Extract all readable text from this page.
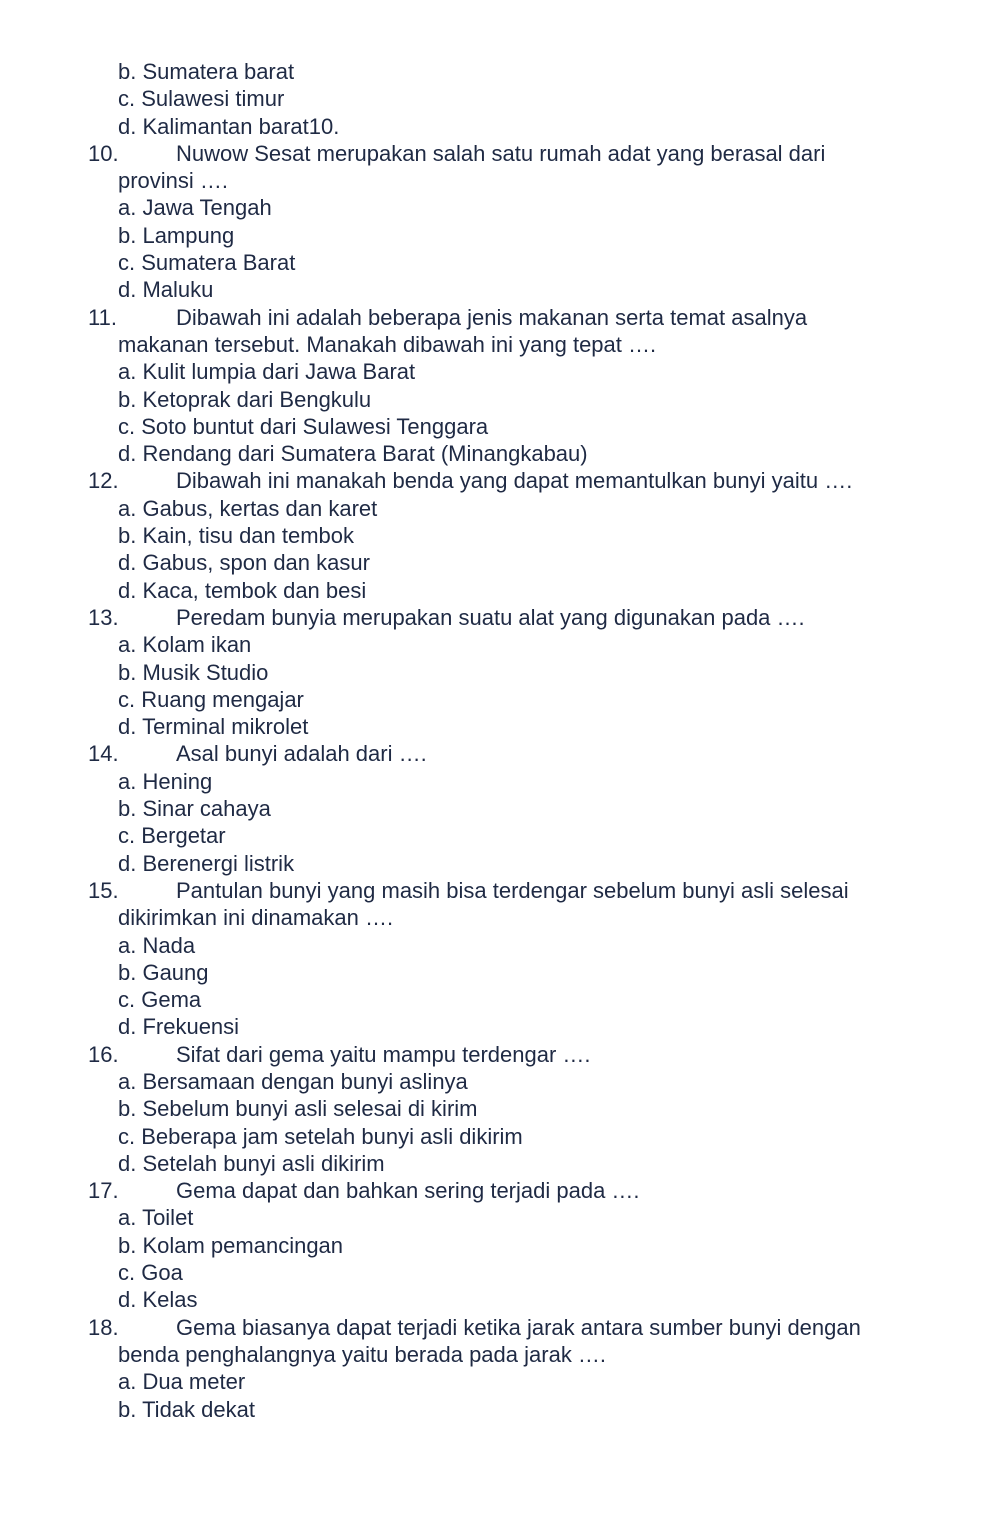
b. Sumatera barat
c. Sulawesi timur
d. Kalimantan barat10.
10.	Nuwow Sesat merupakan salah satu rumah adat yang berasal dari
provinsi ….
a. Jawa Tengah
b. Lampung
c. Sumatera Barat
d. Maluku
11.	Dibawah ini adalah beberapa jenis makanan serta temat asalnya
makanan tersebut. Manakah dibawah ini yang tepat ….
a. Kulit lumpia dari Jawa Barat
b. Ketoprak dari Bengkulu
c. Soto buntut dari Sulawesi Tenggara
d. Rendang dari Sumatera Barat (Minangkabau)
12.	Dibawah ini manakah benda yang dapat memantulkan bunyi yaitu ….
a. Gabus, kertas dan karet
b. Kain, tisu dan tembok
d. Gabus, spon dan kasur
d. Kaca, tembok dan besi
13.	Peredam bunyia merupakan suatu alat yang digunakan pada ….
a. Kolam ikan
b. Musik Studio
c. Ruang mengajar
d. Terminal mikrolet
14.	Asal bunyi adalah dari ….
a. Hening
b. Sinar cahaya
c. Bergetar
d. Berenergi listrik
15.	Pantulan bunyi yang masih bisa terdengar sebelum bunyi asli selesai
dikirimkan ini dinamakan ….
a. Nada
b. Gaung
c. Gema
d. Frekuensi
16.	Sifat dari gema yaitu mampu terdengar ….
a. Bersamaan dengan bunyi aslinya
b. Sebelum bunyi asli selesai di kirim
c. Beberapa jam setelah bunyi asli dikirim
d. Setelah bunyi asli dikirim
17.	Gema dapat dan bahkan sering terjadi pada ….
a. Toilet
b. Kolam pemancingan
c. Goa
d. Kelas
18.	Gema biasanya dapat terjadi ketika jarak antara sumber bunyi dengan
benda penghalangnya yaitu berada pada jarak ….
a. Dua meter
b. Tidak dekat
